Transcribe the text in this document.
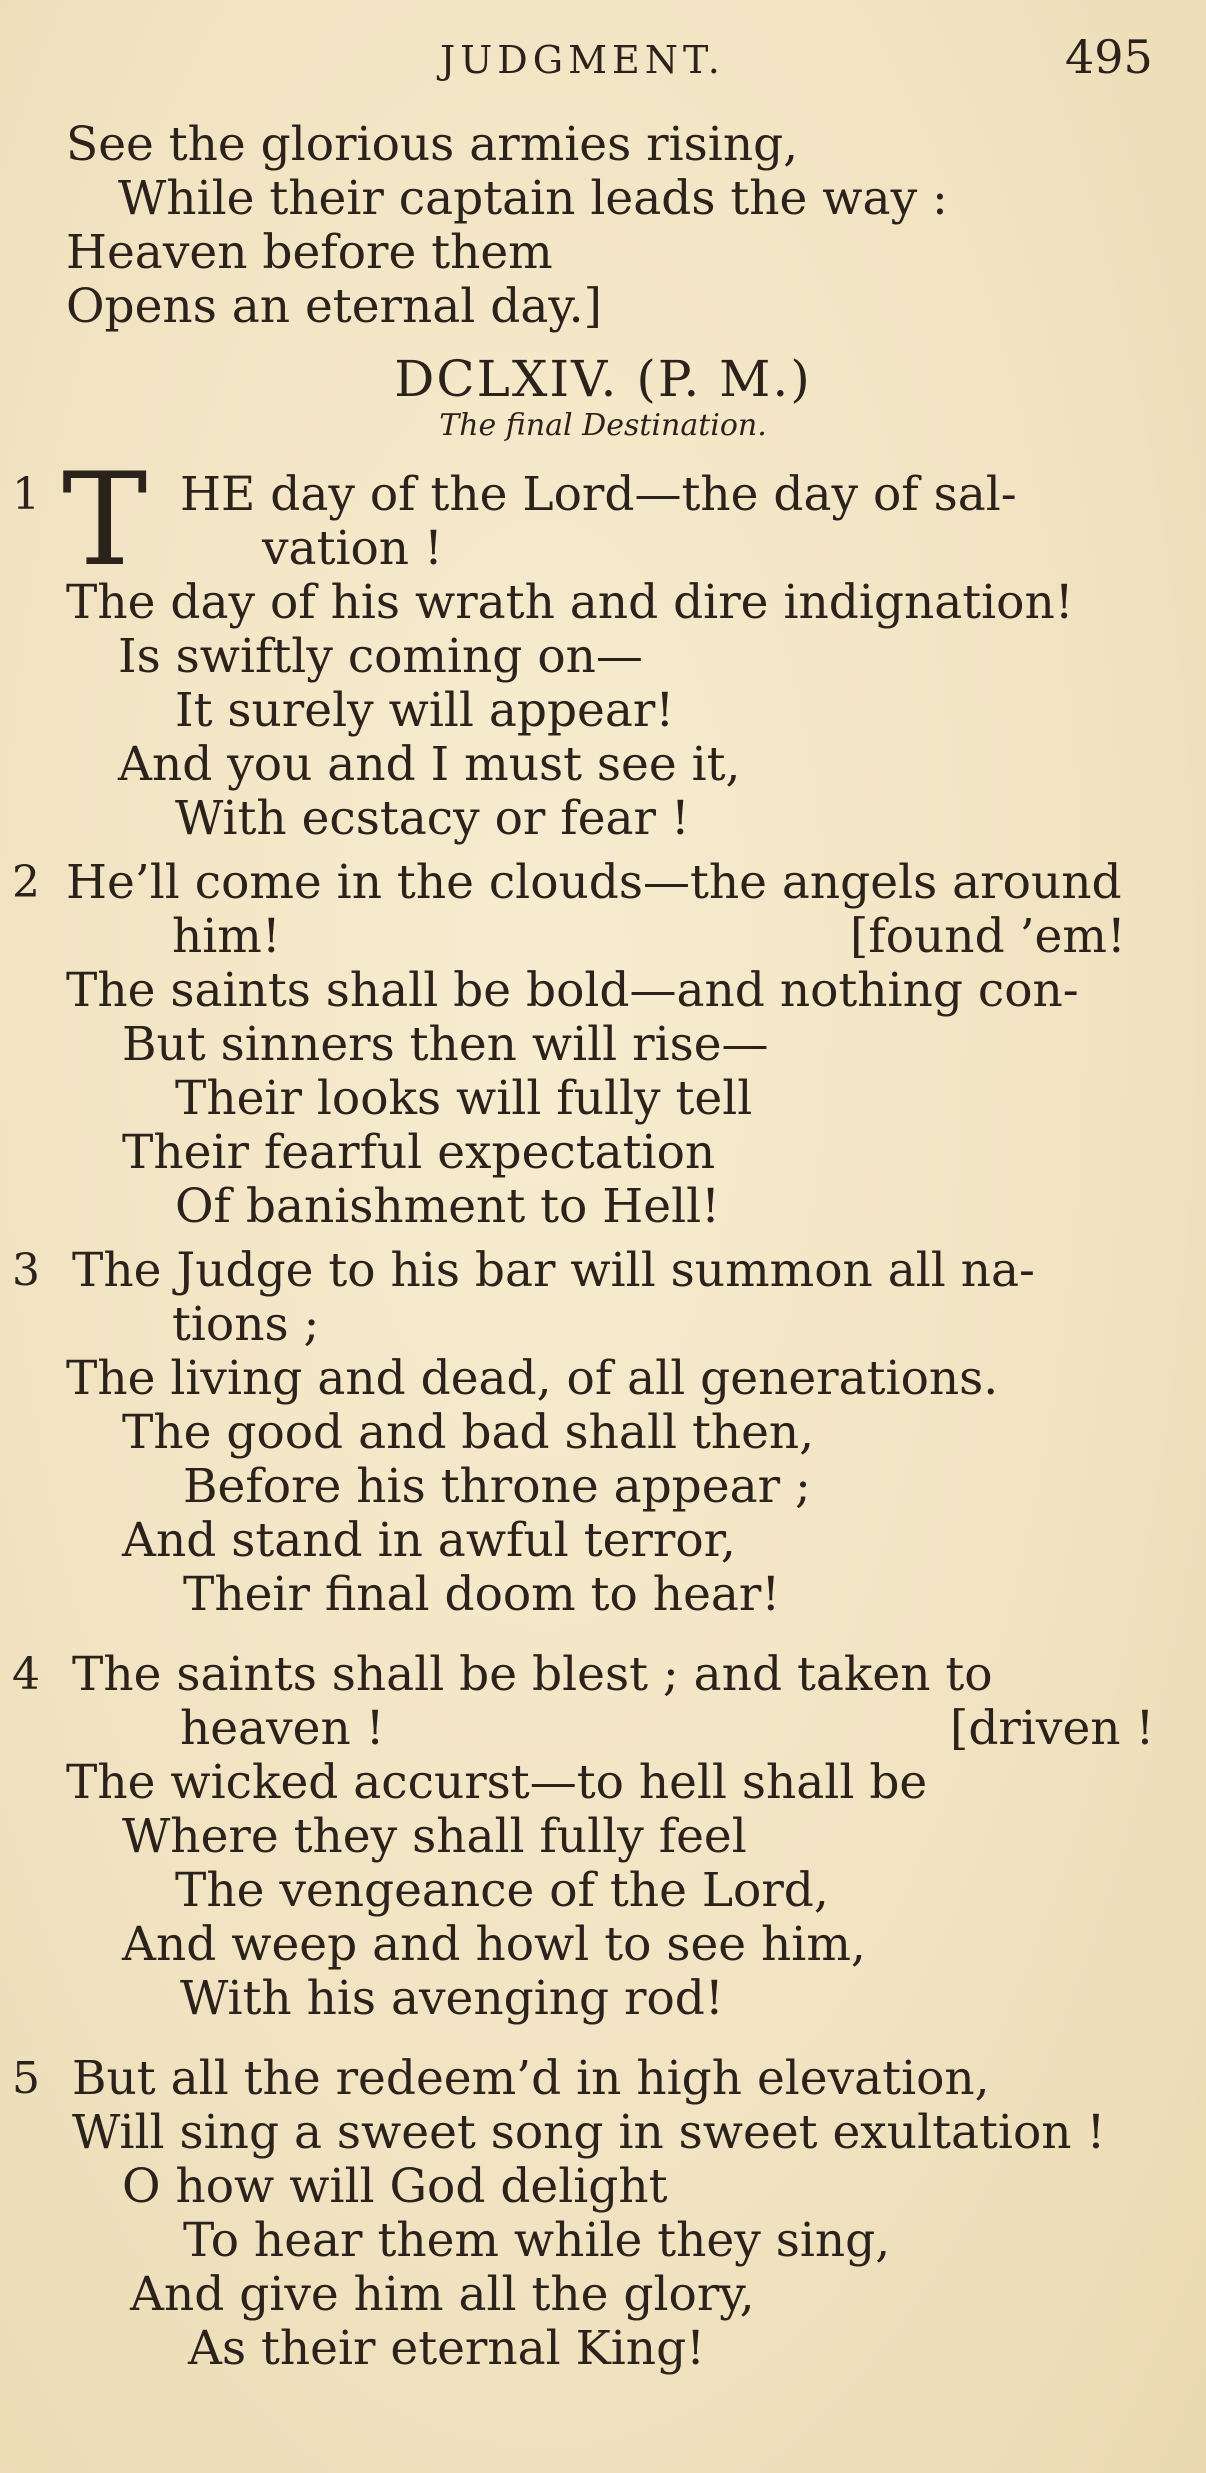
JUDGMENT.	495
See the glorious armies rising,
While their captain leads the way :
Heaven before them
Opens an eternal day.]
DCLXIV. (P. M.)
The final Destination.
1 T HE day of the Lord—the day of sal-
vation !
The day of his wrath and dire indignation!
Is swiftly coming on—
It surely will appear!
And you and I must see it,
With ecstacy or fear !
2 He’ll come in the clouds—the angels around
him!	[found ’em!
The saints shall be bold—and nothing con-
But sinners then will rise—
Their looks will fully tell
Their fearful expectation
Of banishment to Hell!
3 The Judge to his bar will summon all na-
tions ;
The living and dead, of all generations.
The good and bad shall then,
Before his throne appear ;
And stand in awful terror,
Their final doom to hear!
4 The saints shall be blest ; and taken to
heaven !	[driven !
The wicked accurst—to hell shall be
Where they shall fully feel
The vengeance of the Lord,
And weep and howl to see him,
With his avenging rod!
5 But all the redeem’d in high elevation,
Will sing a sweet song in sweet exultation !
O how will God delight
To hear them while they sing,
And give him all the glory,
As their eternal King!
